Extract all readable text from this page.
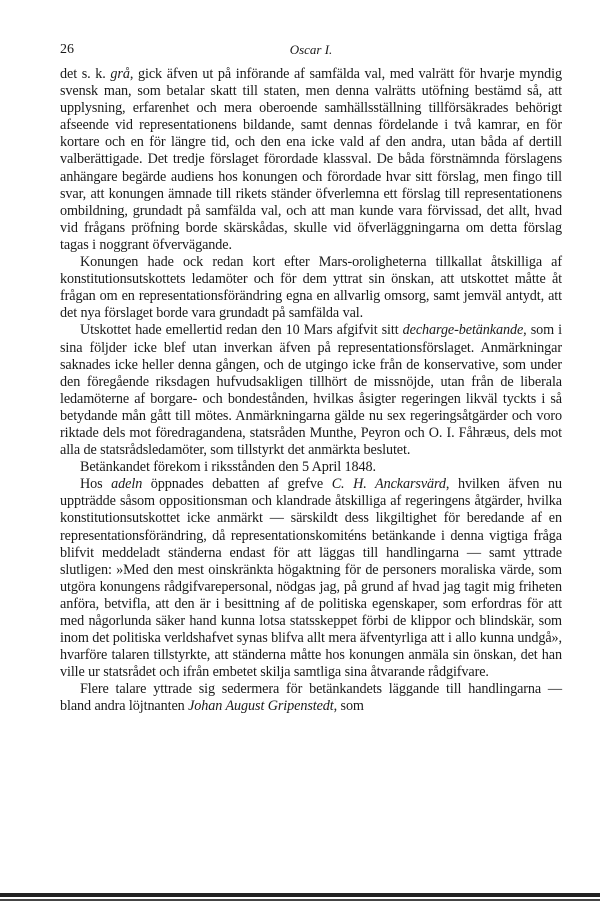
26	Oscar I.

det s. k. grå, gick äfven ut på införande af samfälda val, med valrätt för hvarje myndig svensk man, som betalar skatt till staten, men denna valrätts utöfning bestämd så, att upplysning, erfarenhet och mera oberoende samhällsställning tillförsäkrades behörigt afseende vid representationens bildande, samt dennas fördelande i två kamrar, en för kortare och en för längre tid, och den ena icke vald af den andra, utan båda af dertill valberättigade. Det tredje förslaget förordade klassval. De båda förstnämnda förslagens anhängare begärde audiens hos konungen och förordade hvar sitt förslag, men fingo till svar, att konungen ämnade till rikets ständer öfverlemna ett förslag till representationens ombildning, grundadt på samfälda val, och att man kunde vara förvissad, det allt, hvad vid frågans pröfning borde skärskådas, skulle vid öfverläggningarna om detta förslag tagas i noggrant öfvervägande.

Konungen hade ock redan kort efter Mars-oroligheterna tillkallat åtskilliga af konstitutionsutskottets ledamöter och för dem yttrat sin önskan, att utskottet måtte åt frågan om en representationsförändring egna en allvarlig omsorg, samt jemväl antydt, att det nya förslaget borde vara grundadt på samfälda val.

Utskottet hade emellertid redan den 10 Mars afgifvit sitt decharge-betänkande, som i sina följder icke blef utan inverkan äfven på representationsförslaget. Anmärkningar saknades icke heller denna gången, och de utgingo icke från de konservative, som under den föregående riksdagen hufvudsakligen tillhört de missnöjde, utan från de liberala ledamöterne af borgare- och bondestånden, hvilkas åsigter regeringen likväl tyckts i så betydande mån gått till mötes. Anmärkningarna gälde nu sex regeringsåtgärder och voro riktade dels mot föredragandena, statsråden Munthe, Peyron och O. I. Fåhræus, dels mot alla de statsrådsledamöter, som tillstyrkt det anmärkta beslutet.

Betänkandet förekom i riksstånden den 5 April 1848.

Hos adeln öppnades debatten af grefve C. H. Anckarsvärd, hvilken äfven nu uppträdde såsom oppositionsman och klandrade åtskilliga af regeringens åtgärder, hvilka konstitutionsutskottet icke anmärkt — särskildt dess likgiltighet för beredande af en representationsförändring, då representationskomiténs betänkande i denna vigtiga fråga blifvit meddeladt ständerna endast för att läggas till handlingarna — samt yttrade slutligen: »Med den mest oinskränkta högaktning för de personers moraliska värde, som utgöra konungens rådgifvarepersonal, nödgas jag, på grund af hvad jag tagit mig friheten anföra, betvifla, att den är i besittning af de politiska egenskaper, som erfordras för att med någorlunda säker hand kunna lotsa statsskeppet förbi de klippor och blindskär, som inom det politiska verldshafvet synas blifva allt mera äfventyrliga att i allo kunna undgå», hvarföre talaren tillstyrkte, att ständerna måtte hos konungen anmäla sin önskan, det han ville ur statsrådet och ifrån embetet skilja samtliga sina åtvarande rådgifvare.

Flere talare yttrade sig sedermera för betänkandets läggande till handlingarna — bland andra löjtnanten Johan August Gripenstedt, som
